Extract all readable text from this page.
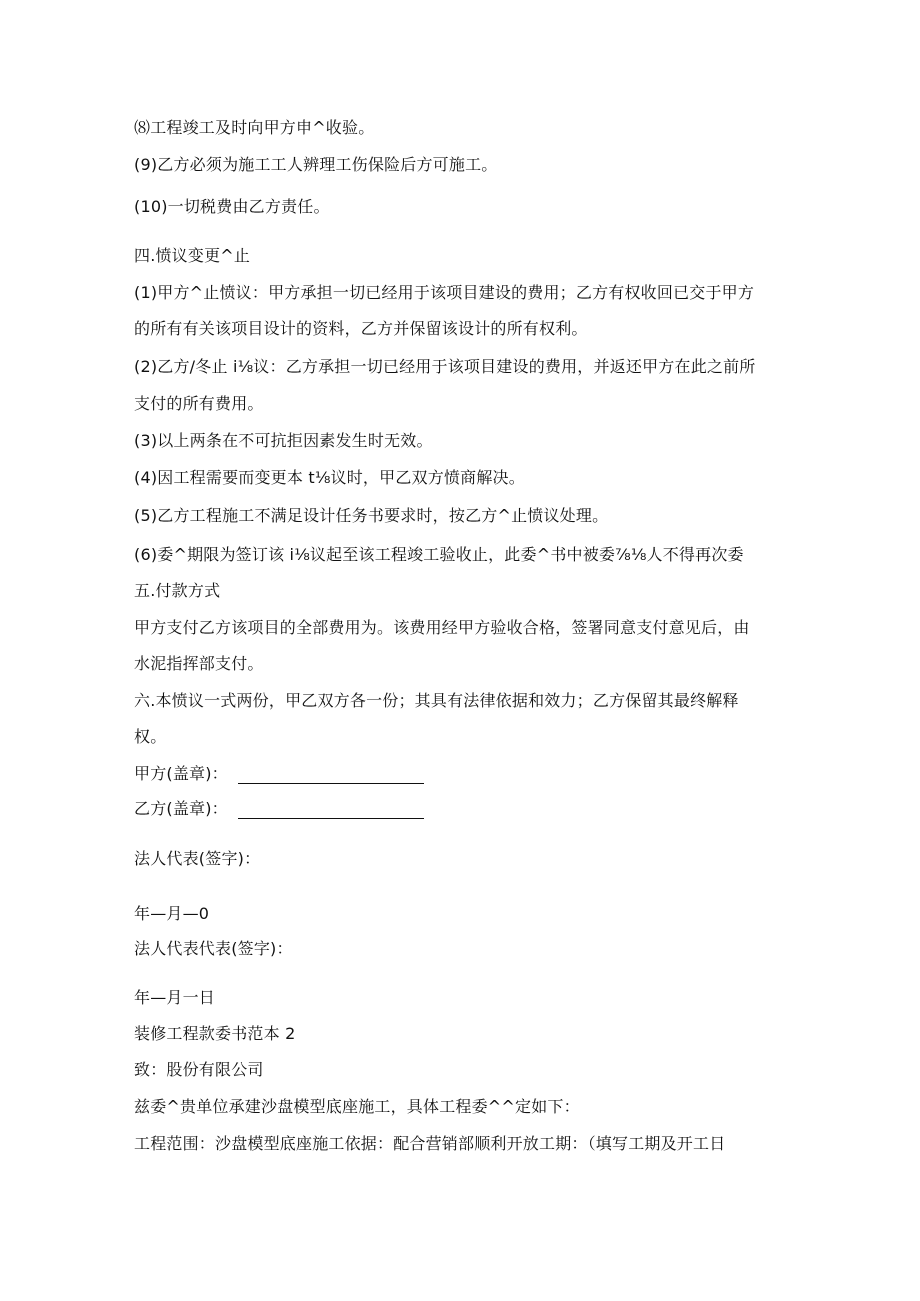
⑻工程竣工及时向甲方申^收验。
(9)乙方必须为施工工人辨理工伤保险后方可施工。
(10)一切税费由乙方责任。
四.愤议变更^止
(1)甲方^止愤议：甲方承担一切已经用于该项目建设的费用；乙方有权收回已交于甲方
的所有有关该项目设计的资料，乙方并保留该设计的所有权利。
(2)乙方/冬止 i⅛议：乙方承担一切已经用于该项目建设的费用，并返还甲方在此之前所
支付的所有费用。
(3)以上两条在不可抗拒因素发生时无效。
(4)因工程需要而变更本 t⅛议时，甲乙双方愤商解决。
(5)乙方工程施工不满足设计任务书要求时，按乙方^止愤议处理。
(6)委^期限为签订该 i⅛议起至该工程竣工验收止，此委^书中被委⅞⅛人不得再次委
五.付款方式
甲方支付乙方该项目的全部费用为。该费用经甲方验收合格，签署同意支付意见后，由
水泥指挥部支付。
六.本愤议一式两份，甲乙双方各一份；其具有法律依据和效力；乙方保留其最终解释
权。
甲方(盖章)：
乙方(盖章)：
法人代表(签字)：
年—月—0
法人代表代表(签字)：
年—月一日
装修工程款委书范本 2
致：股份有限公司
兹委^贵单位承建沙盘模型底座施工，具体工程委^^定如下：
工程范围：沙盘模型底座施工依据：配合营销部顺利开放工期：（填写工期及开工日
